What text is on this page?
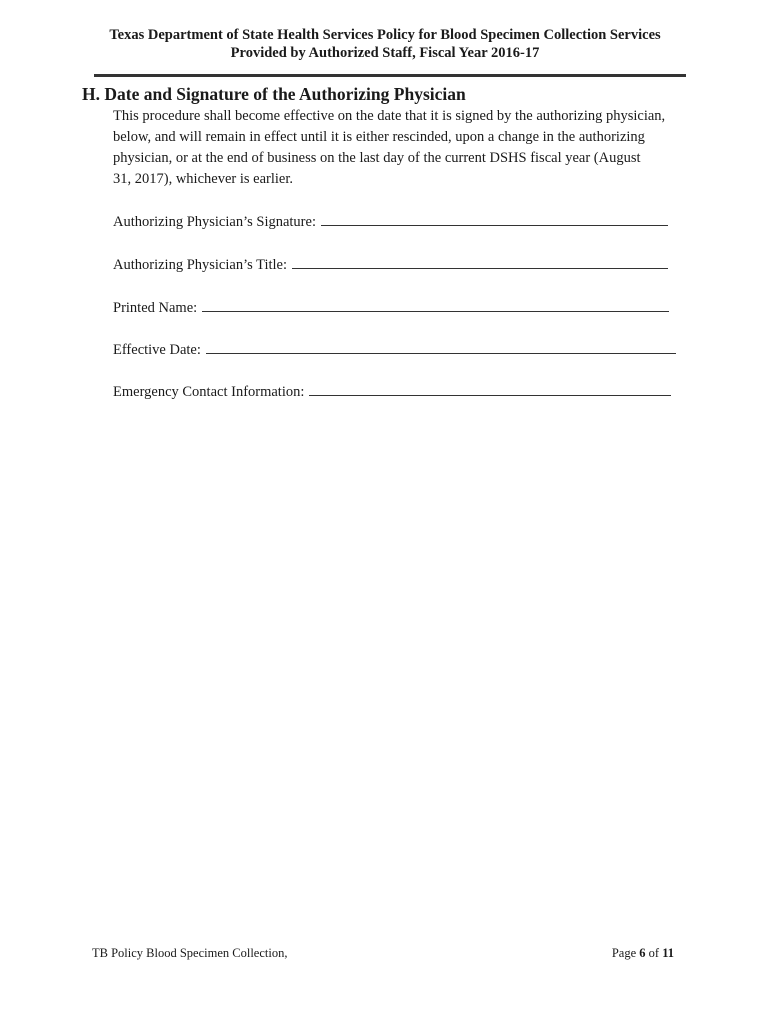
Texas Department of State Health Services Policy for Blood Specimen Collection Services
Provided by Authorized Staff, Fiscal Year 2016-17
H. Date and Signature of the Authorizing Physician
This procedure shall become effective on the date that it is signed by the authorizing physician,
below, and will remain in effect until it is either rescinded, upon a change in the authorizing
physician, or at the end of business on the last day of the current DSHS fiscal year (August
31, 2017), whichever is earlier.
Authorizing Physician’s Signature:
Authorizing Physician’s Title:
Printed Name:
Effective Date:
Emergency Contact Information:
TB Policy Blood Specimen Collection,	Page 6 of 11
